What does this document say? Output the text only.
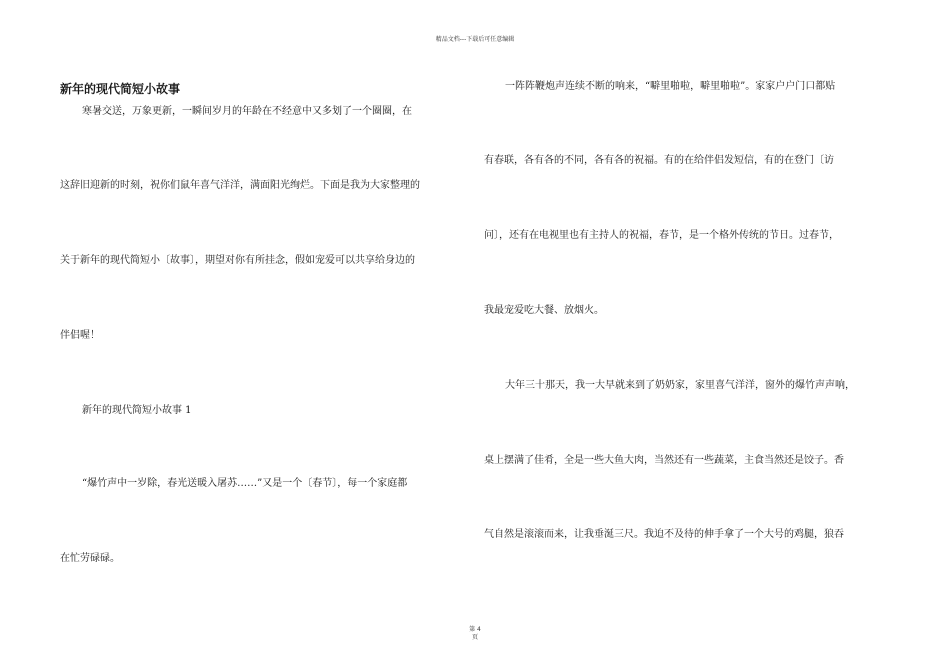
精品文档---下载后可任意编辑
新年的现代简短小故事
寒暑交送，万象更新，一瞬间岁月的年龄在不经意中又多划了一个圈圈，在
这辞旧迎新的时刻，祝你们鼠年喜气洋洋，满面阳光绚烂。下面是我为大家整理的
关于新年的现代简短小〔故事〕，期望对你有所挂念，假如宠爱可以共享给身边的
伴侣喔！
新年的现代简短小故事 1
“爆竹声中一岁除，春光送暖入屠苏……”又是一个〔春节〕，每一个家庭都
在忙劳碌碌。
一阵阵鞭炮声连续不断的响来，“噼里啪啦，噼里啪啦”。家家户户门口都贴
有春联，各有各的不同，各有各的祝福。有的在给伴侣发短信，有的在登门〔访
问〕，还有在电视里也有主持人的祝福，春节，是一个格外传统的节日。过春节，
我最宠爱吃大餐、放烟火。
大年三十那天，我一大早就来到了奶奶家，家里喜气洋洋，窗外的爆竹声声响，
桌上摆满了佳肴，全是一些大鱼大肉，当然还有一些蔬菜，主食当然还是饺子。香
气自然是滚滚而来，让我垂涎三尺。我迫不及待的伸手拿了一个大号的鸡腿，狼吞
第 4
页
